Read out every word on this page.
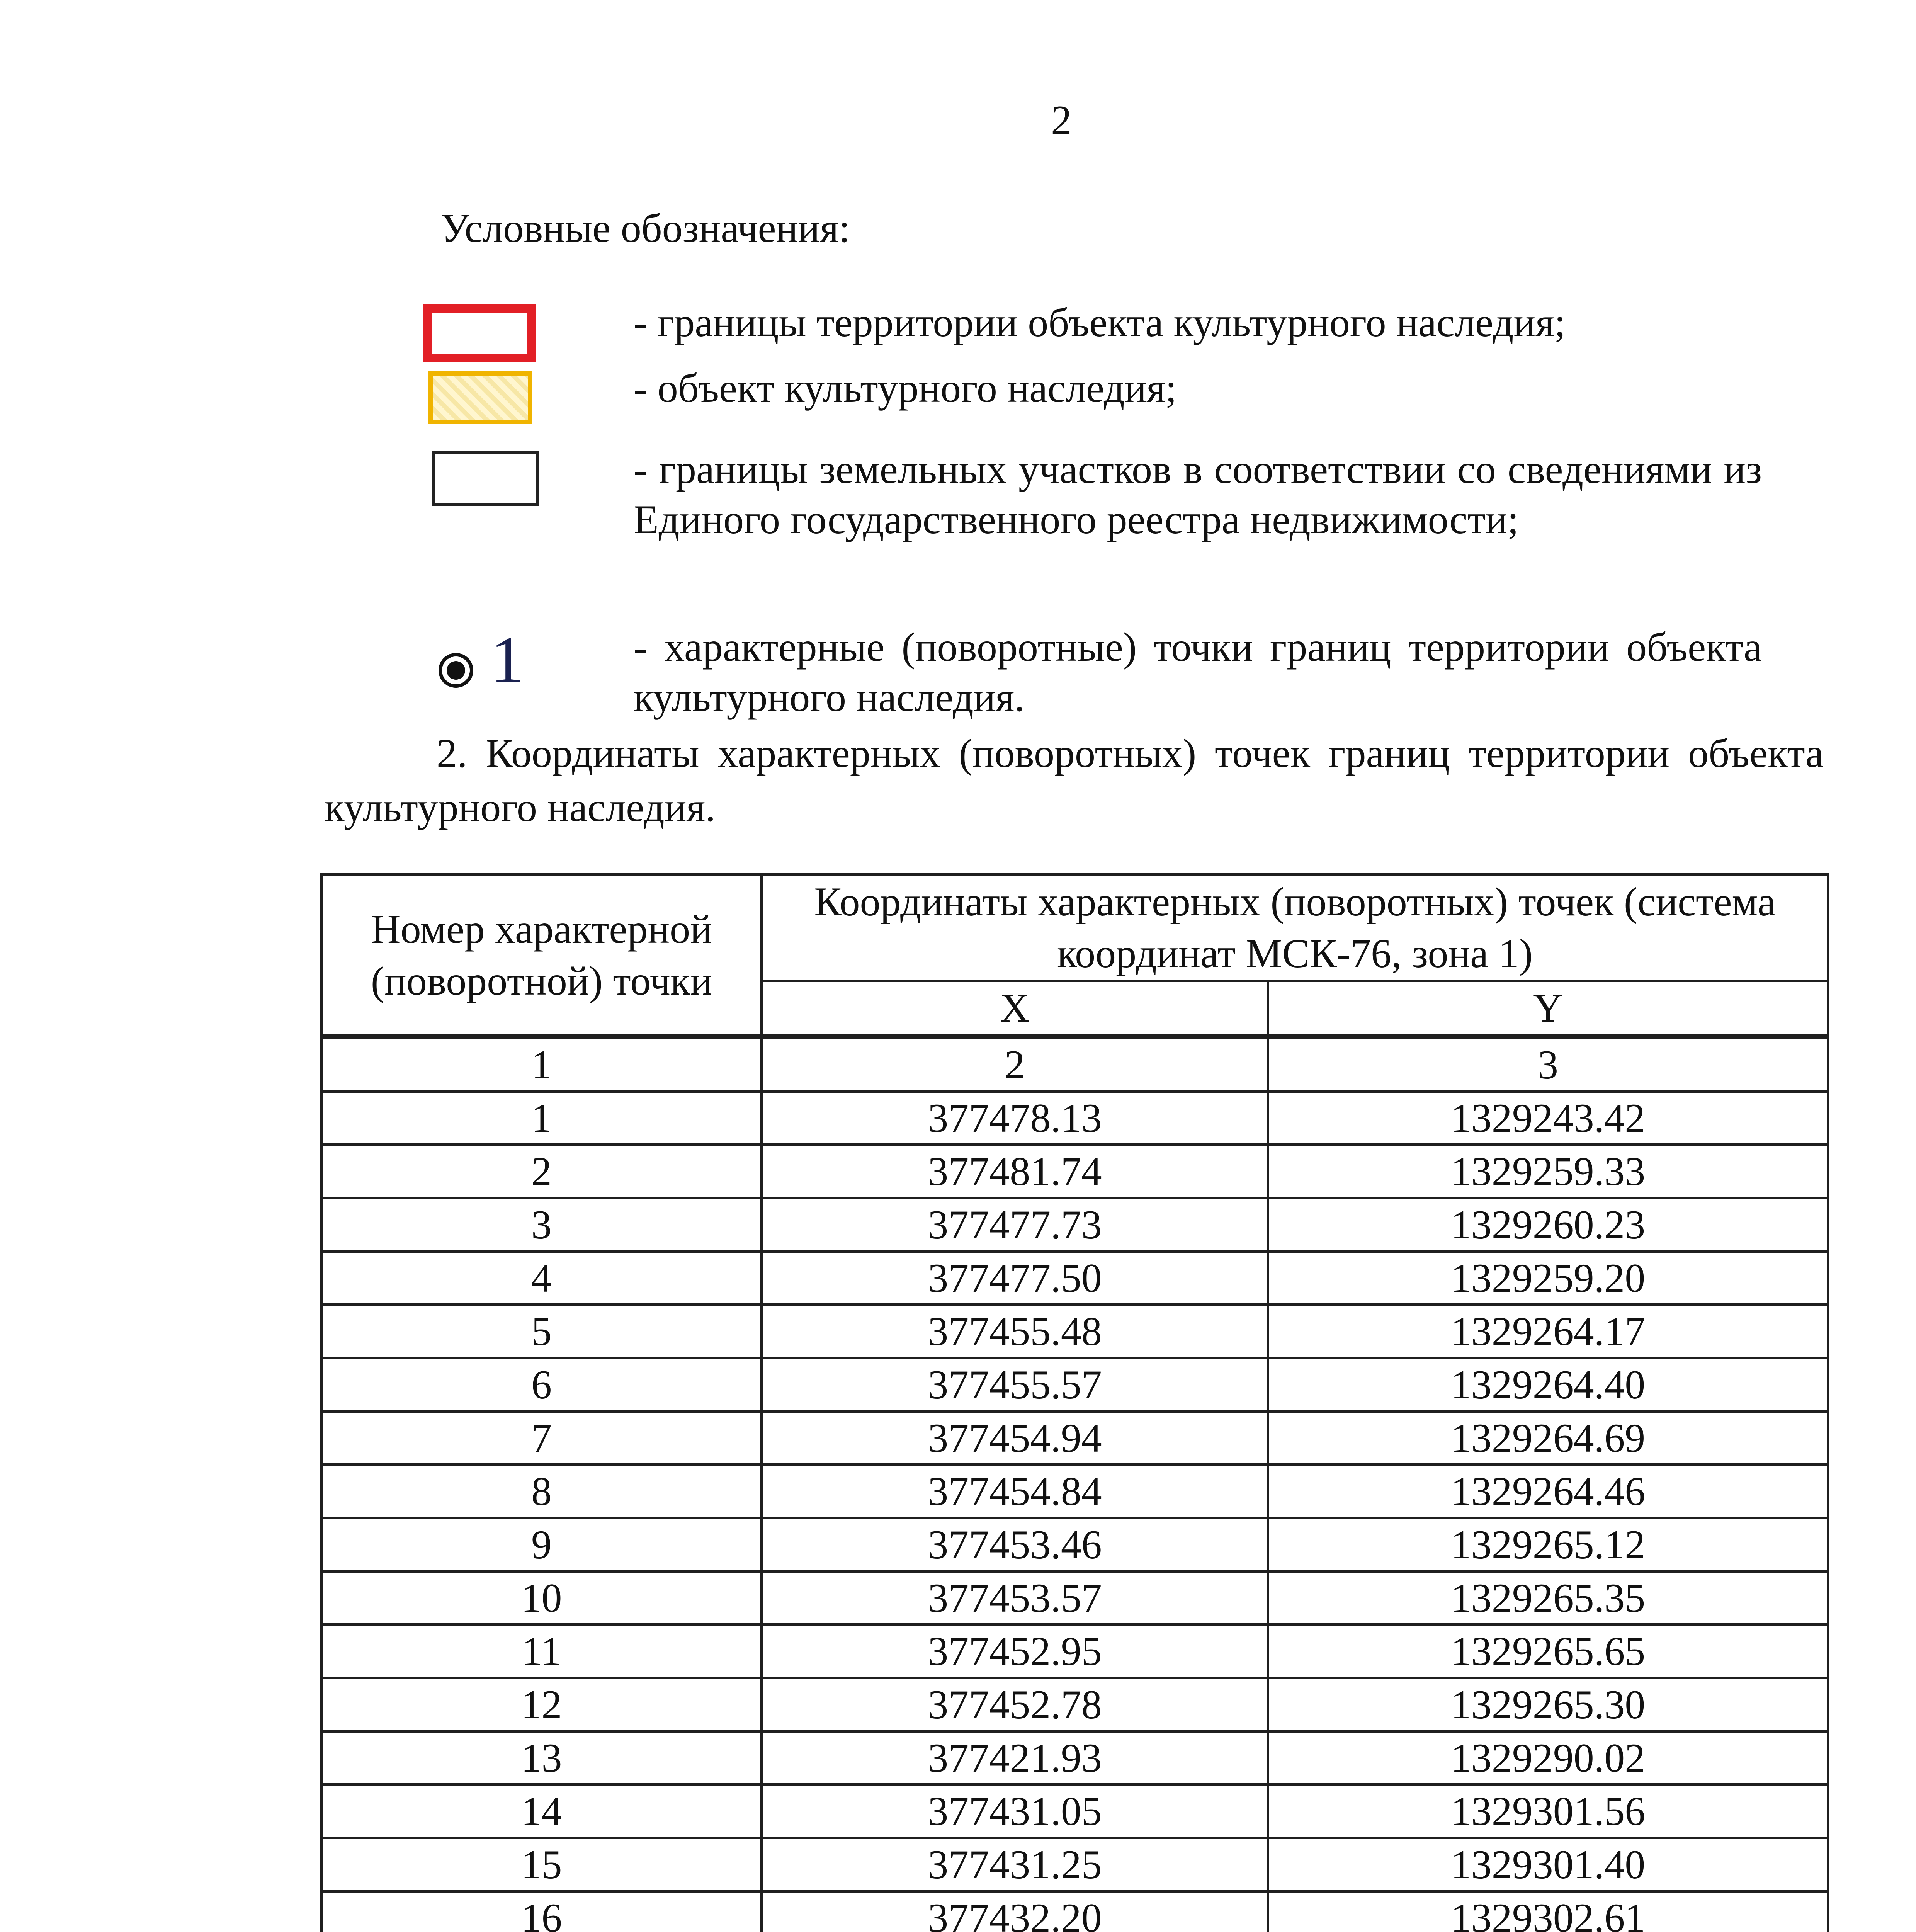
2
Условные обозначения:
- границы территории объекта культурного наследия;
- объект культурного наследия;
- границы земельных участков в соответствии со сведениями из Единого государственного реестра недвижимости;
1	- характерные (поворотные) точки границ территории объекта культурного наследия.
2. Координаты характерных (поворотных) точек границ территории объекта культурного наследия.
Номер характерной (поворотной) точки	Координаты характерных (поворотных) точек (система координат МСК-76, зона 1)	
	X	Y
1	2	3
1	377478.13	1329243.42
2	377481.74	1329259.33
3	377477.73	1329260.23
4	377477.50	1329259.20
5	377455.48	1329264.17
6	377455.57	1329264.40
7	377454.94	1329264.69
8	377454.84	1329264.46
9	377453.46	1329265.12
10	377453.57	1329265.35
11	377452.95	1329265.65
12	377452.78	1329265.30
13	377421.93	1329290.02
14	377431.05	1329301.56
15	377431.25	1329301.40
16	377432.20	1329302.61
